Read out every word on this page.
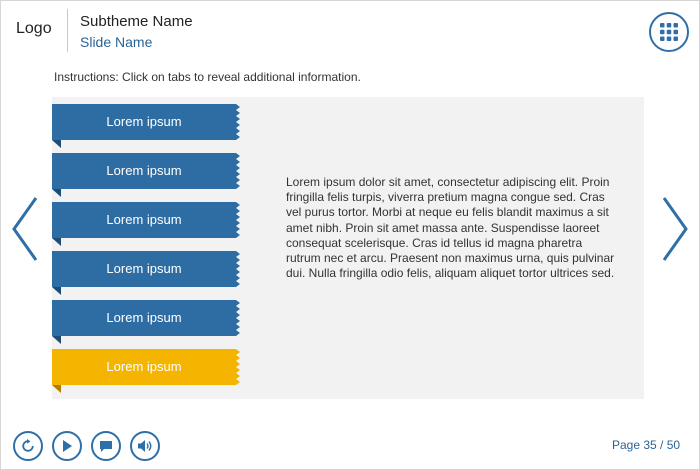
Logo Subtheme Name
Slide Name
Instructions: Click on tabs to reveal additional information.
Lorem ipsum dolor sit amet, consectetur adipiscing elit. Proin fringilla felis turpis, viverra pretium magna congue sed. Cras vel purus tortor. Morbi at neque eu felis blandit maximus a sit amet nibh. Proin sit amet massa ante. Suspendisse laoreet consequat scelerisque. Cras id tellus id magna pharetra rutrum nec et arcu. Praesent non maximus urna, quis pulvinar dui. Nulla fringilla odio felis, aliquam aliquet tortor ultrices sed.
Lorem ipsum
Lorem ipsum
Lorem ipsum
Lorem ipsum
Lorem ipsum
Lorem ipsum
Page 35 / 50
